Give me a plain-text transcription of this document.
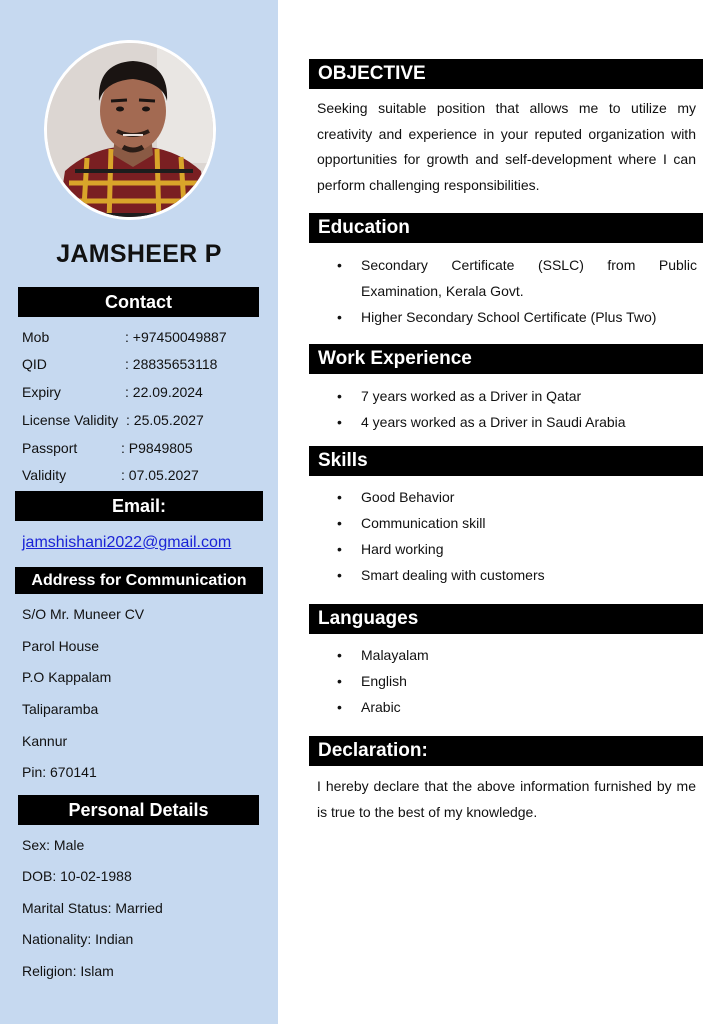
JAMSHEER P
Contact
Mob	: +97450049887
QID	: 28835653118
Expiry	: 22.09.2024
License Validity : 25.05.2027
Passport	: P9849805
Validity	: 07.05.2027
Email:
jamshishani2022@gmail.com
Address for Communication
S/O Mr. Muneer CV
Parol House
P.O Kappalam
Taliparamba
Kannur
Pin: 670141
Personal Details
Sex: Male
DOB: 10-02-1988
Marital Status: Married
Nationality: Indian
Religion: Islam
OBJECTIVE

Seeking suitable position that allows me to utilize my creativity and experience in your reputed organization with opportunities for growth and self-development where I can perform challenging responsibilities.

Education
• Secondary Certificate (SSLC) from Public Examination, Kerala Govt.
• Higher Secondary School Certificate (Plus Two)
Work Experience
• 7 years worked as a Driver in Qatar
• 4 years worked as a Driver in Saudi Arabia
Skills
• Good Behavior
• Communication skill
• Hard working
• Smart dealing with customers
Languages
• Malayalam
• English
• Arabic
Declaration:

I hereby declare that the above information furnished by me is true to the best of my knowledge.
